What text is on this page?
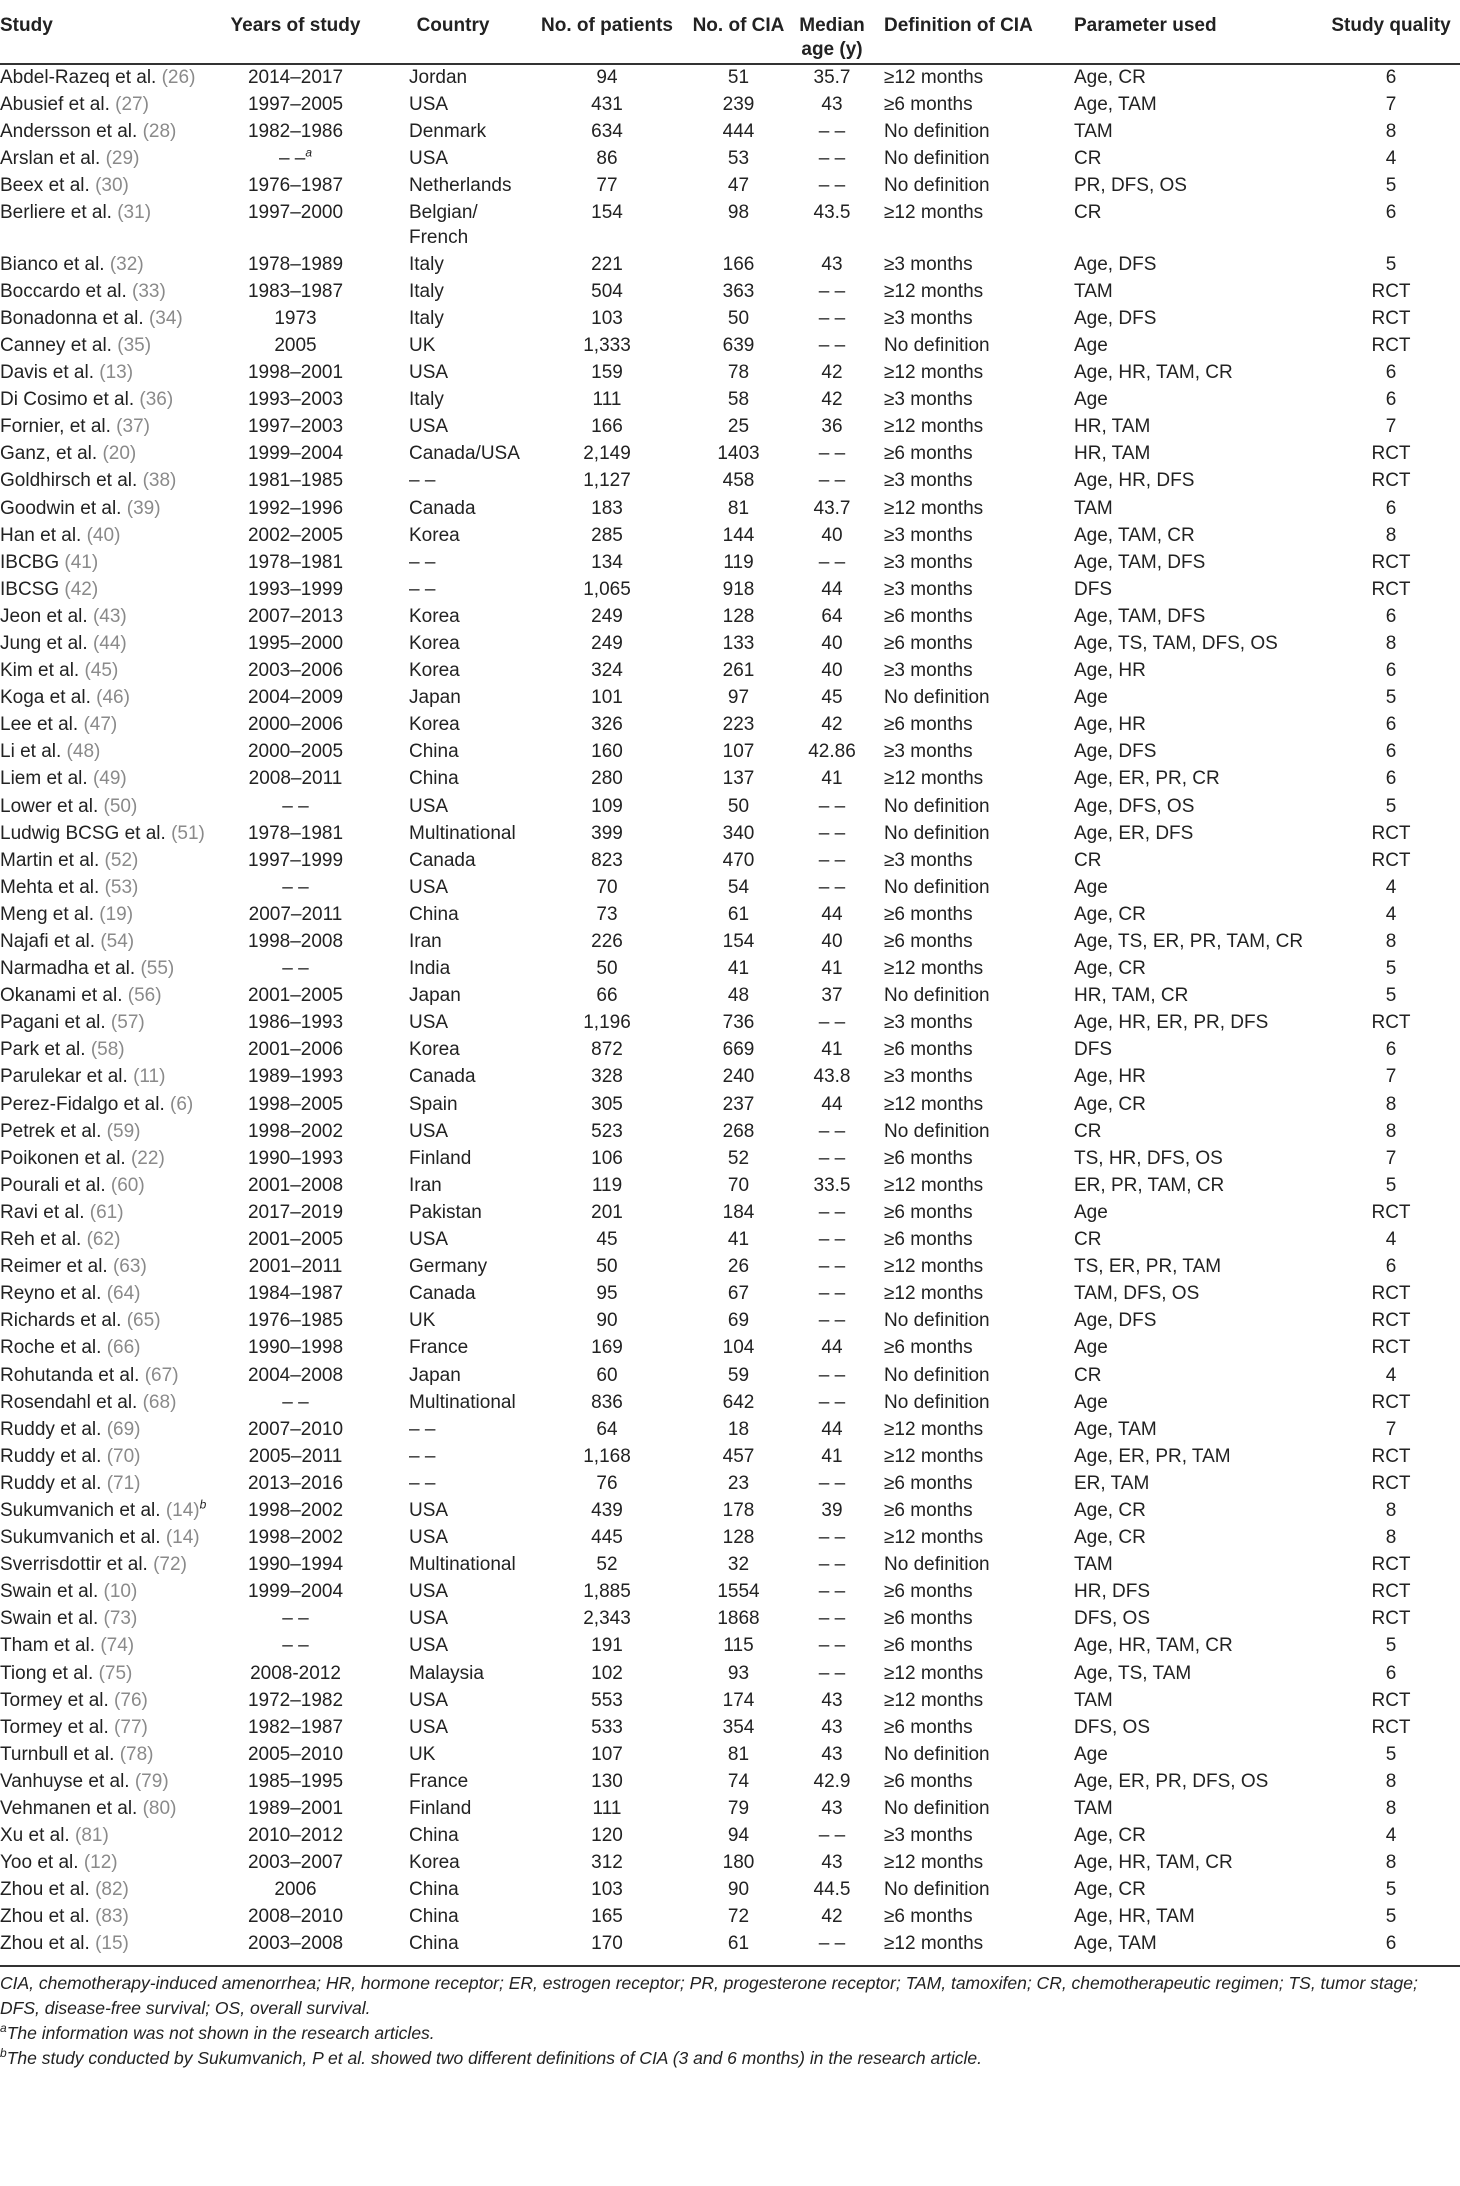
Study	Years of study	Country	No. of patients	No. of CIA	Median age (y)	Definition of CIA	Parameter used	Study quality
Abdel-Razeq et al. (26)	2014–2017	Jordan	94	51	35.7	≥12 months	Age, CR	6
Abusief et al. (27)	1997–2005	USA	431	239	43	≥6 months	Age, TAM	7
Andersson et al. (28)	1982–1986	Denmark	634	444	– –	No definition	TAM	8
Arslan et al. (29)	– –$^a$	USA	86	53	– –	No definition	CR	4
Beex et al. (30)	1976–1987	Netherlands	77	47	– –	No definition	PR, DFS, OS	5
Berliere et al. (31)	1997–2000	Belgian/ French	154	98	43.5	≥12 months	CR	6
Bianco et al. (32)	1978–1989	Italy	221	166	43	≥3 months	Age, DFS	5
Boccardo et al. (33)	1983–1987	Italy	504	363	– –	≥12 months	TAM	RCT
Bonadonna et al. (34)	1973	Italy	103	50	– –	≥3 months	Age, DFS	RCT
Canney et al. (35)	2005	UK	1,333	639	– –	No definition	Age	RCT
Davis et al. (13)	1998–2001	USA	159	78	42	≥12 months	Age, HR, TAM, CR	6
Di Cosimo et al. (36)	1993–2003	Italy	111	58	42	≥3 months	Age	6
Fornier, et al. (37)	1997–2003	USA	166	25	36	≥12 months	HR, TAM	7
Ganz, et al. (20)	1999–2004	Canada/USA	2,149	1403	– –	≥6 months	HR, TAM	RCT
Goldhirsch et al. (38)	1981–1985	– –	1,127	458	– –	≥3 months	Age, HR, DFS	RCT
Goodwin et al. (39)	1992–1996	Canada	183	81	43.7	≥12 months	TAM	6
Han et al. (40)	2002–2005	Korea	285	144	40	≥3 months	Age, TAM, CR	8
IBCBG (41)	1978–1981	– –	134	119	– –	≥3 months	Age, TAM, DFS	RCT
IBCSG (42)	1993–1999	– –	1,065	918	44	≥3 months	DFS	RCT
Jeon et al. (43)	2007–2013	Korea	249	128	64	≥6 months	Age, TAM, DFS	6
Jung et al. (44)	1995–2000	Korea	249	133	40	≥6 months	Age, TS, TAM, DFS, OS	8
Kim et al. (45)	2003–2006	Korea	324	261	40	≥3 months	Age, HR	6
Koga et al. (46)	2004–2009	Japan	101	97	45	No definition	Age	5
Lee et al. (47)	2000–2006	Korea	326	223	42	≥6 months	Age, HR	6
Li et al. (48)	2000–2005	China	160	107	42.86	≥3 months	Age, DFS	6
Liem et al. (49)	2008–2011	China	280	137	41	≥12 months	Age, ER, PR, CR	6
Lower et al. (50)	– –	USA	109	50	– –	No definition	Age, DFS, OS	5
Ludwig BCSG et al. (51)	1978–1981	Multinational	399	340	– –	No definition	Age, ER, DFS	RCT
Martin et al. (52)	1997–1999	Canada	823	470	– –	≥3 months	CR	RCT
Mehta et al. (53)	– –	USA	70	54	– –	No definition	Age	4
Meng et al. (19)	2007–2011	China	73	61	44	≥6 months	Age, CR	4
Najafi et al. (54)	1998–2008	Iran	226	154	40	≥6 months	Age, TS, ER, PR, TAM, CR	8
Narmadha et al. (55)	– –	India	50	41	41	≥12 months	Age, CR	5
Okanami et al. (56)	2001–2005	Japan	66	48	37	No definition	HR, TAM, CR	5
Pagani et al. (57)	1986–1993	USA	1,196	736	– –	≥3 months	Age, HR, ER, PR, DFS	RCT
Park et al. (58)	2001–2006	Korea	872	669	41	≥6 months	DFS	6
Parulekar et al. (11)	1989–1993	Canada	328	240	43.8	≥3 months	Age, HR	7
Perez-Fidalgo et al. (6)	1998–2005	Spain	305	237	44	≥12 months	Age, CR	8
Petrek et al. (59)	1998–2002	USA	523	268	– –	No definition	CR	8
Poikonen et al. (22)	1990–1993	Finland	106	52	– –	≥6 months	TS, HR, DFS, OS	7
Pourali et al. (60)	2001–2008	Iran	119	70	33.5	≥12 months	ER, PR, TAM, CR	5
Ravi et al. (61)	2017–2019	Pakistan	201	184	– –	≥6 months	Age	RCT
Reh et al. (62)	2001–2005	USA	45	41	– –	≥6 months	CR	4
Reimer et al. (63)	2001–2011	Germany	50	26	– –	≥12 months	TS, ER, PR, TAM	6
Reyno et al. (64)	1984–1987	Canada	95	67	– –	≥12 months	TAM, DFS, OS	RCT
Richards et al. (65)	1976–1985	UK	90	69	– –	No definition	Age, DFS	RCT
Roche et al. (66)	1990–1998	France	169	104	44	≥6 months	Age	RCT
Rohutanda et al. (67)	2004–2008	Japan	60	59	– –	No definition	CR	4
Rosendahl et al. (68)	– –	Multinational	836	642	– –	No definition	Age	RCT
Ruddy et al. (69)	2007–2010	– –	64	18	44	≥12 months	Age, TAM	7
Ruddy et al. (70)	2005–2011	– –	1,168	457	41	≥12 months	Age, ER, PR, TAM	RCT
Ruddy et al. (71)	2013–2016	– –	76	23	– –	≥6 months	ER, TAM	RCT
Sukumvanich et al. $(14)^b$	1998–2002	USA	439	178	39	≥6 months	Age, CR	8
Sukumvanich et al. (14)	1998–2002	USA	445	128	– –	≥12 months	Age, CR	8
Sverrisdottir et al. (72)	1990–1994	Multinational	52	32	– –	No definition	TAM	RCT
Swain et al. (10)	1999–2004	USA	1,885	1554	– –	≥6 months	HR, DFS	RCT
Swain et al. (73)	– –	USA	2,343	1868	– –	≥6 months	DFS, OS	RCT
Tham et al. (74)	– –	USA	191	115	– –	≥6 months	Age, HR, TAM, CR	5
Tiong et al. (75)	2008-2012	Malaysia	102	93	– –	≥12 months	Age, TS, TAM	6
Tormey et al. (76)	1972–1982	USA	553	174	43	≥12 months	TAM	RCT
Tormey et al. (77)	1982–1987	USA	533	354	43	≥6 months	DFS, OS	RCT
Turnbull et al. (78)	2005–2010	UK	107	81	43	No definition	Age	5
Vanhuyse et al. (79)	1985–1995	France	130	74	42.9	≥6 months	Age, ER, PR, DFS, OS	8
Vehmanen et al. (80)	1989–2001	Finland	111	79	43	No definition	TAM	8
Xu et al. (81)	2010–2012	China	120	94	– –	≥3 months	Age, CR	4
Yoo et al. (12)	2003–2007	Korea	312	180	43	≥12 months	Age, HR, TAM, CR	8
Zhou et al. (82)	2006	China	103	90	44.5	No definition	Age, CR	5
Zhou et al. (83)	2008–2010	China	165	72	42	≥6 months	Age, HR, TAM	5
Zhou et al. (15)	2003–2008	China	170	61	– –	≥12 months	Age, TAM	6

CIA, chemotherapy-induced amenorrhea; HR, hormone receptor; ER, estrogen receptor; PR, progesterone receptor; TAM, tamoxifen; CR, chemotherapeutic regimen; TS, tumor stage; DFS, disease-free survival; OS, overall survival.

$^a$The information was not shown in the research articles.

$^b$The study conducted by Sukumvanich, P et al. showed two different definitions of CIA (3 and 6 months) in the research article.
